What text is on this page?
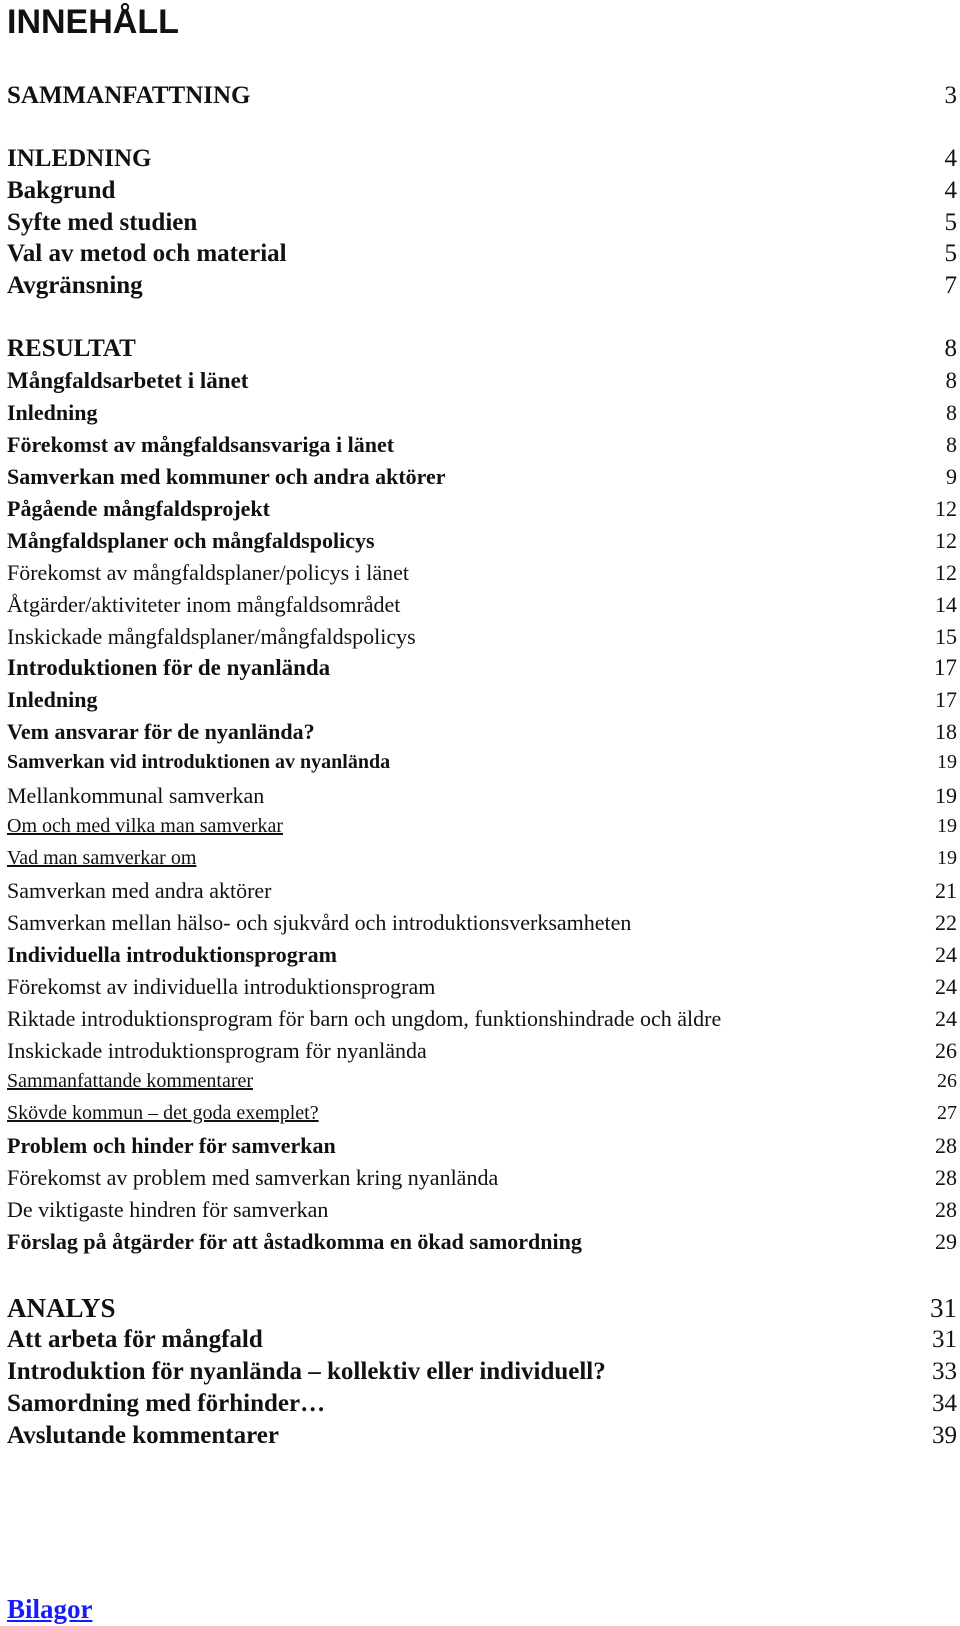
INNEHÅLL
SAMMANFATTNING	3
INLEDNING	4
Bakgrund	4
Syfte med studien	5
Val av metod och material	5
Avgränsning	7
RESULTAT	8
Mångfaldsarbetet i länet	8
Inledning	8
Förekomst av mångfaldsansvariga i länet	8
Samverkan med kommuner och andra aktörer	9
Pågående mångfaldsprojekt	12
Mångfaldsplaner och mångfaldspolicys	12
Förekomst av mångfaldsplaner/policys i länet	12
Åtgärder/aktiviteter inom mångfaldsområdet	14
Inskickade mångfaldsplaner/mångfaldspolicys	15
Introduktionen för de nyanlända	17
Inledning	17
Vem ansvarar för de nyanlända?	18
Samverkan vid introduktionen av nyanlända	19
Mellankommunal samverkan	19
Om och med vilka man samverkar	19
Vad man samverkar om	19
Samverkan med andra aktörer	21
Samverkan mellan hälso- och sjukvård och introduktionsverksamheten	22
Individuella introduktionsprogram	24
Förekomst av individuella introduktionsprogram	24
Riktade introduktionsprogram för barn och ungdom, funktionshindrade och äldre	24
Inskickade introduktionsprogram för nyanlända	26
Sammanfattande kommentarer	26
Skövde kommun – det goda exemplet?	27
Problem och hinder för samverkan	28
Förekomst av problem med samverkan kring nyanlända	28
De viktigaste hindren för samverkan	28
Förslag på åtgärder för att åstadkomma en ökad samordning	29
ANALYS	31
Att arbeta för mångfald	31
Introduktion för nyanlända – kollektiv eller individuell?	33
Samordning med förhinder…	34
Avslutande kommentarer	39
Bilagor
